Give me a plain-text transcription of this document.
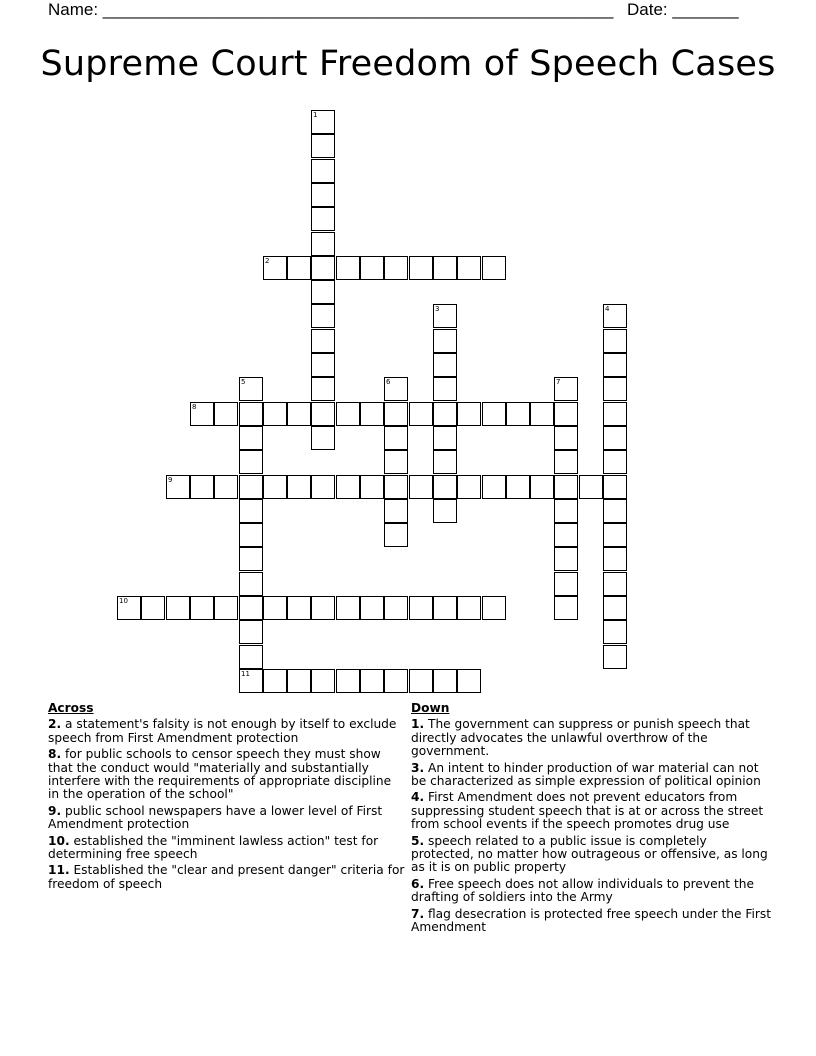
Name: ______________________________________________________ Date: _______
Supreme Court Freedom of Speech Cases
1
2
3	4
5	6	7
8
9
10
11
Across
2. a statement's falsity is not enough by itself to exclude speech from First Amendment protection
8. for public schools to censor speech they must show that the conduct would "materially and substantially interfere with the requirements of appropriate discipline in the operation of the school"
9. public school newspapers have a lower level of First Amendment protection
10. established the "imminent lawless action" test for determining free speech
11. Established the "clear and present danger" criteria for freedom of speech
Down
1. The government can suppress or punish speech that directly advocates the unlawful overthrow of the government.
3. An intent to hinder production of war material can not be characterized as simple expression of political opinion
4. First Amendment does not prevent educators from suppressing student speech that is at or across the street from school events if the speech promotes drug use
5. speech related to a public issue is completely protected, no matter how outrageous or offensive, as long as it is on public property
6. Free speech does not allow individuals to prevent the drafting of soldiers into the Army
7. flag desecration is protected free speech under the First Amendment
